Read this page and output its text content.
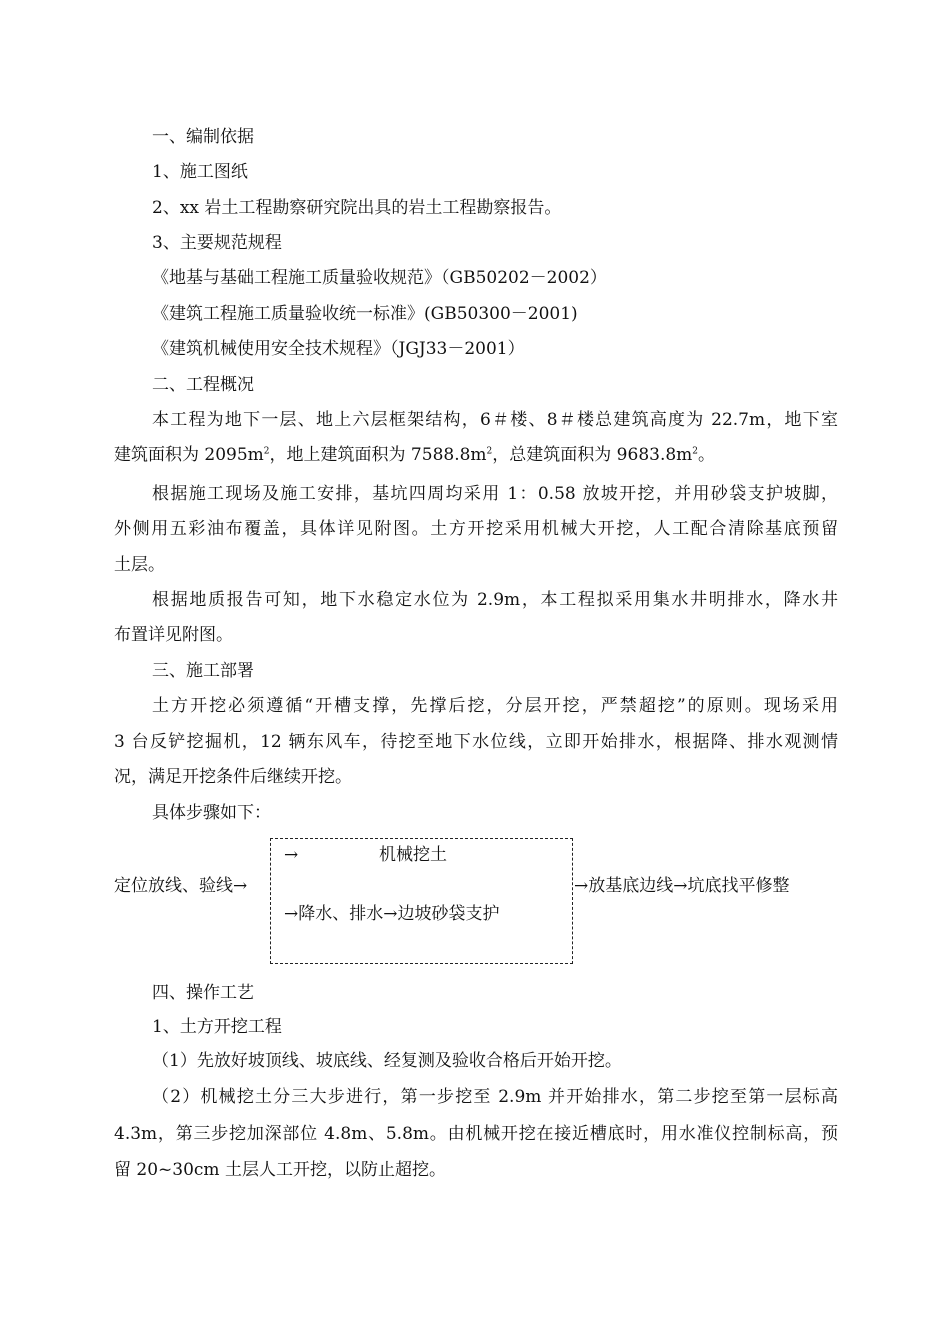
一、编制依据
1、施工图纸
2、xx 岩土工程勘察研究院出具的岩土工程勘察报告。
3、主要规范规程
《地基与基础工程施工质量验收规范》（GB50202－2002）
《建筑工程施工质量验收统一标准》(GB50300－2001)
《建筑机械使用安全技术规程》（JGJ33－2001）
二、工程概况
本工程为地下一层、地上六层框架结构，6＃楼、8＃楼总建筑高度为 22.7m，地下室
建筑面积为 $2095m^2$，地上建筑面积为 $7588.8m^2$，总建筑面积为 $9683.8m^2$。
根据施工现场及施工安排，基坑四周均采用 1：0.58 放坡开挖，并用砂袋支护坡脚，
外侧用五彩油布覆盖，具体详见附图。土方开挖采用机械大开挖，人工配合清除基底预留
土层。
根据地质报告可知，地下水稳定水位为 2.9m，本工程拟采用集水井明排水，降水井
布置详见附图。
三、施工部署
土方开挖必须遵循“开槽支撑，先撑后挖，分层开挖，严禁超挖”的原则。现场采用
3 台反铲挖掘机，12 辆东风车，待挖至地下水位线，立即开始排水，根据降、排水观测情
况，满足开挖条件后继续开挖。
具体步骤如下：
定位放线、验线→
→	机械挖土
→降水、排水→边坡砂袋支护
→放基底边线→坑底找平修整
四、操作工艺
1、土方开挖工程
（1）先放好坡顶线、坡底线、经复测及验收合格后开始开挖。
（2）机械挖土分三大步进行，第一步挖至 2.9m 并开始排水，第二步挖至第一层标高
4.3m，第三步挖加深部位 4.8m、5.8m。由机械开挖在接近槽底时，用水准仪控制标高，预
留 20~30cm 土层人工开挖，以防止超挖。
